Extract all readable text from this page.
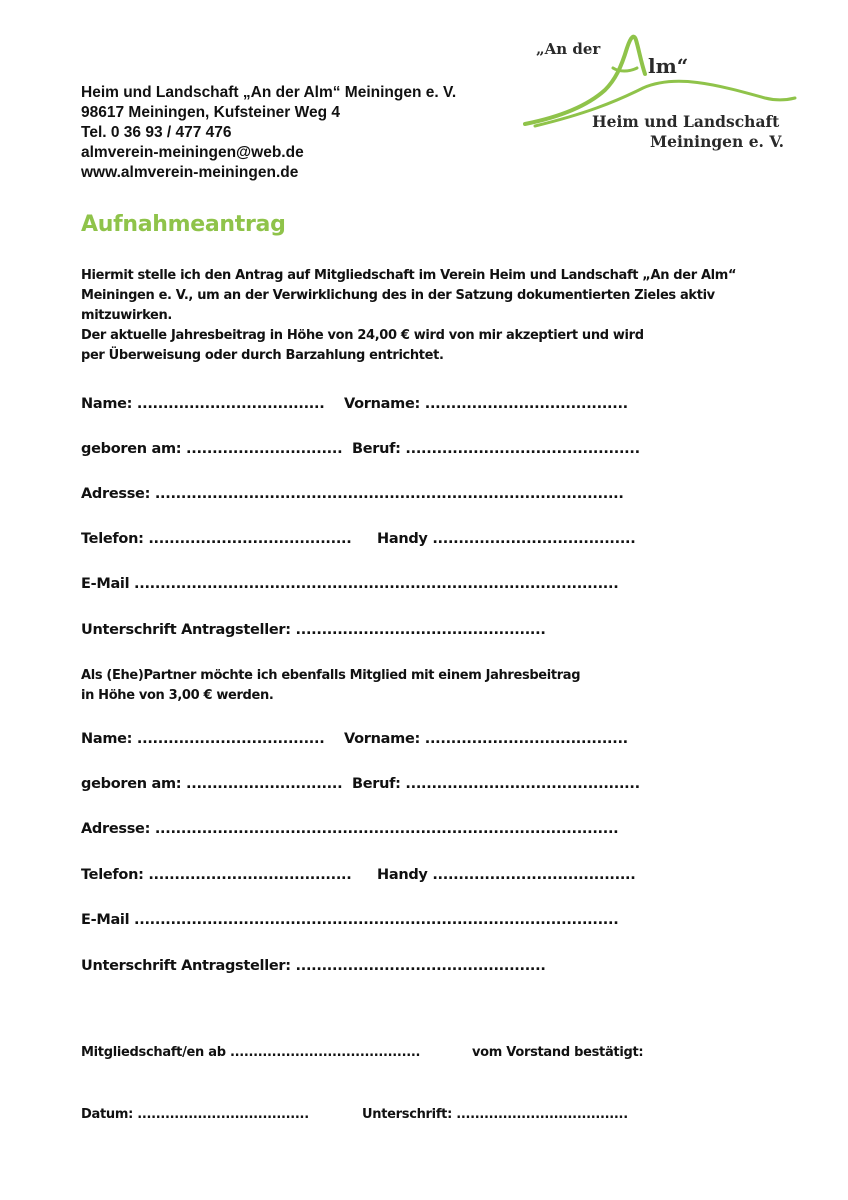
Heim und Landschaft „An der Alm“ Meiningen e. V.
98617 Meiningen, Kufsteiner Weg 4
Tel. 0 36 93 / 477 476
almverein-meiningen@web.de
www.almverein-meiningen.de
„An der
lm“
Heim und Landschaft
Meiningen e. V.
Aufnahmeantrag
Hiermit stelle ich den Antrag auf Mitgliedschaft im Verein Heim und Landschaft „An der Alm“
Meiningen e. V., um an der Verwirklichung des in der Satzung dokumentierten Zieles aktiv
mitzuwirken.
Der aktuelle Jahresbeitrag in Höhe von 24,00 € wird von mir akzeptiert und wird
per Überweisung oder durch Barzahlung entrichtet.
Name: .................................... Vorname: .......................................
geboren am: .............................. Beruf: .............................................
Adresse: ..........................................................................................
Telefon: ....................................... Handy .......................................
E-Mail .............................................................................................
Unterschrift Antragsteller: ................................................
Als (Ehe)Partner möchte ich ebenfalls Mitglied mit einem Jahresbeitrag
in Höhe von 3,00 € werden.
Name: .................................... Vorname: .......................................
geboren am: .............................. Beruf: .............................................
Adresse: .........................................................................................
Telefon: ....................................... Handy .......................................
E-Mail .............................................................................................
Unterschrift Antragsteller: ................................................
Mitgliedschaft/en ab .........................................	vom Vorstand bestätigt:
Datum: .....................................	Unterschrift: .....................................
